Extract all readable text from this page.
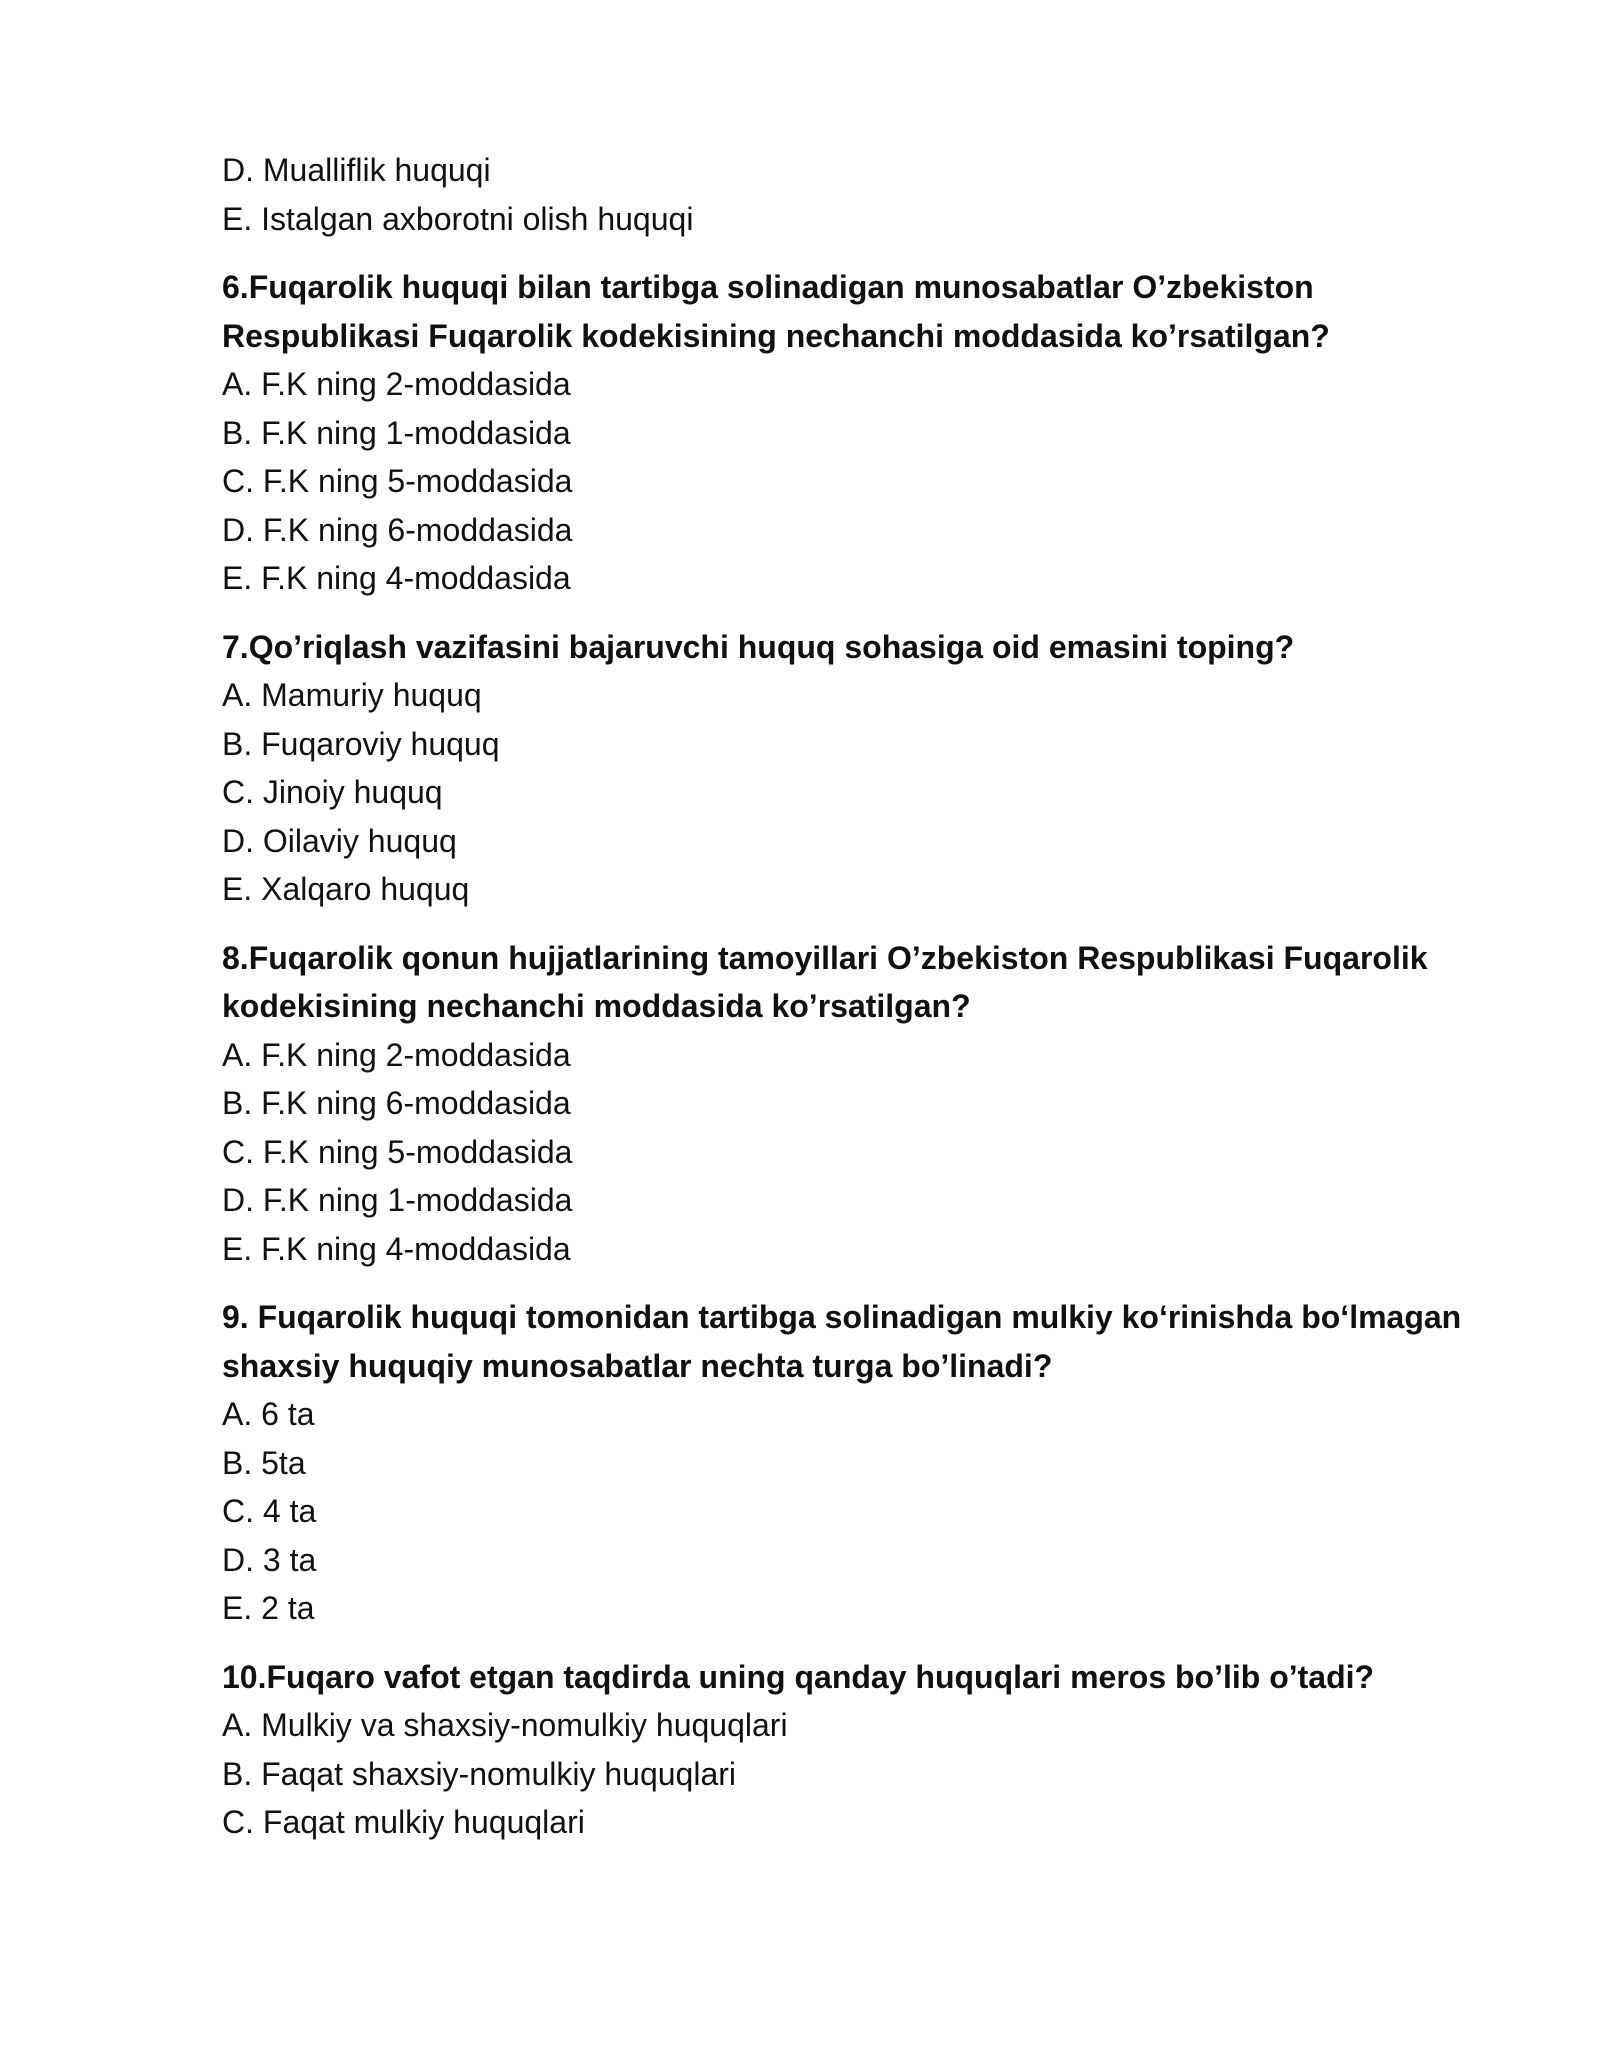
D. Mualliflik huquqi
E. Istalgan axborotni olish huquqi
6.Fuqarolik huquqi bilan tartibga solinadigan munosabatlar O’zbekiston
Respublikasi Fuqarolik kodekisining nechanchi moddasida ko’rsatilgan?
A. F.K ning 2-moddasida
B. F.K ning 1-moddasida
C. F.K ning 5-moddasida
D. F.K ning 6-moddasida
E. F.K ning 4-moddasida
7.Qo’riqlash vazifasini bajaruvchi huquq sohasiga oid emasini toping?
A. Mamuriy huquq
B. Fuqaroviy huquq
C. Jinoiy huquq
D. Oilaviy huquq
E. Xalqaro huquq
8.Fuqarolik qonun hujjatlarining tamoyillari O’zbekiston Respublikasi Fuqarolik
kodekisining nechanchi moddasida ko’rsatilgan?
A. F.K ning 2-moddasida
B. F.K ning 6-moddasida
C. F.K ning 5-moddasida
D. F.K ning 1-moddasida
E. F.K ning 4-moddasida
9. Fuqarolik huquqi tomonidan tartibga solinadigan mulkiy ko‘rinishda bo‘lmagan
shaxsiy huquqiy munosabatlar nechta turga bo’linadi?
A. 6 ta
B. 5ta
C. 4 ta
D. 3 ta
E. 2 ta
10.Fuqaro vafot etgan taqdirda uning qanday huquqlari meros bo’lib o’tadi?
A. Mulkiy va shaxsiy-nomulkiy huquqlari
B. Faqat shaxsiy-nomulkiy huquqlari
C. Faqat mulkiy huquqlari
